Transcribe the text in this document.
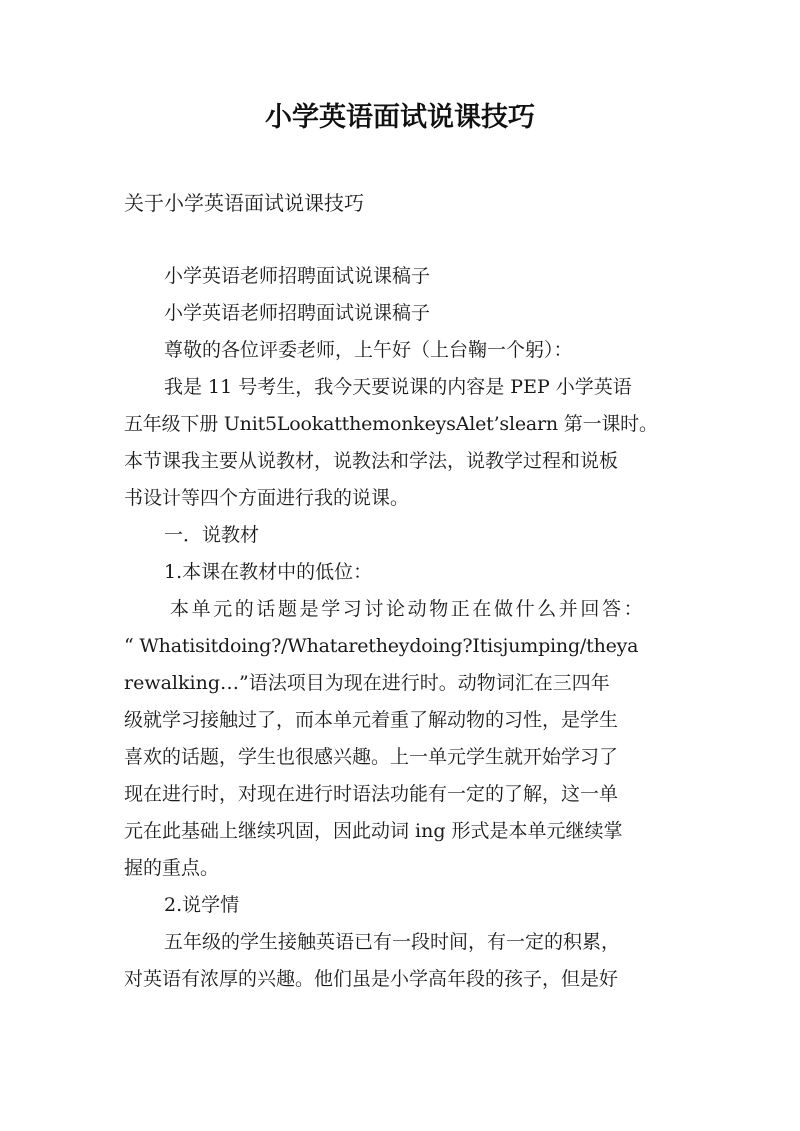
小学英语面试说课技巧
关于小学英语面试说课技巧
小学英语老师招聘面试说课稿子
小学英语老师招聘面试说课稿子
尊敬的各位评委老师，上午好（上台鞠一个躬）：
我是 11 号考生，我今天要说课的内容是 PEP 小学英语
五年级下册 Unit5LookatthemonkeysAlet’slearn 第一课时。
本节课我主要从说教材，说教法和学法，说教学过程和说板
书设计等四个方面进行我的说课。
一．说教材
1.本课在教材中的低位：
本单元的话题是学习讨论动物正在做什么并回答：
“ Whatisitdoing?/Whataretheydoing?Itisjumping/theya
rewalking…”语法项目为现在进行时。动物词汇在三四年
级就学习接触过了，而本单元着重了解动物的习性，是学生
喜欢的话题，学生也很感兴趣。上一单元学生就开始学习了
现在进行时，对现在进行时语法功能有一定的了解，这一单
元在此基础上继续巩固，因此动词 ing 形式是本单元继续掌
握的重点。
2.说学情
五年级的学生接触英语已有一段时间，有一定的积累，
对英语有浓厚的兴趣。他们虽是小学高年段的孩子，但是好
